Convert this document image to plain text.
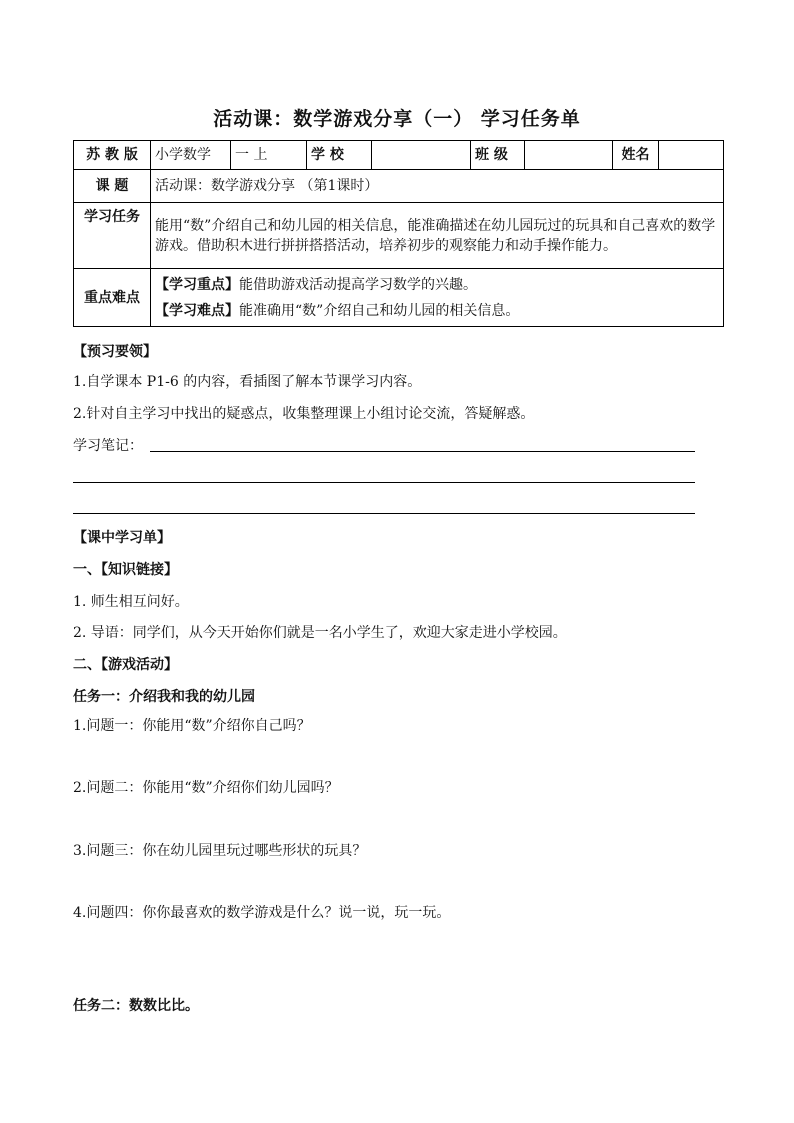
活动课：数学游戏分享（一） 学习任务单
苏 教 版	小学数学	一 上	学 校		班 级		姓名	
课 题	活动课：数学游戏分享 （第1课时）							
学习任务	能用“数”介绍自己和幼儿园的相关信息，能准确描述在幼儿园玩过的玩具和自己喜欢的数学游戏。借助积木进行拼拼搭搭活动，培养初步的观察能力和动手操作能力。							
重点难点	【学习重点】能借助游戏活动提高学习数学的兴趣。
【学习难点】能准确用“数”介绍自己和幼儿园的相关信息。							
【预习要领】
1.自学课本 P1-6 的内容，看插图了解本节课学习内容。
2.针对自主学习中找出的疑惑点，收集整理课上小组讨论交流，答疑解惑。
学习笔记：
【课中学习单】
一、【知识链接】
1. 师生相互问好。
2. 导语：同学们，从今天开始你们就是一名小学生了，欢迎大家走进小学校园。
二、【游戏活动】
任务一：介绍我和我的幼儿园
1.问题一：你能用“数”介绍你自己吗？
2.问题二：你能用“数”介绍你们幼儿园吗？
3.问题三：你在幼儿园里玩过哪些形状的玩具？
4.问题四：你你最喜欢的数学游戏是什么？说一说，玩一玩。
任务二：数数比比。
